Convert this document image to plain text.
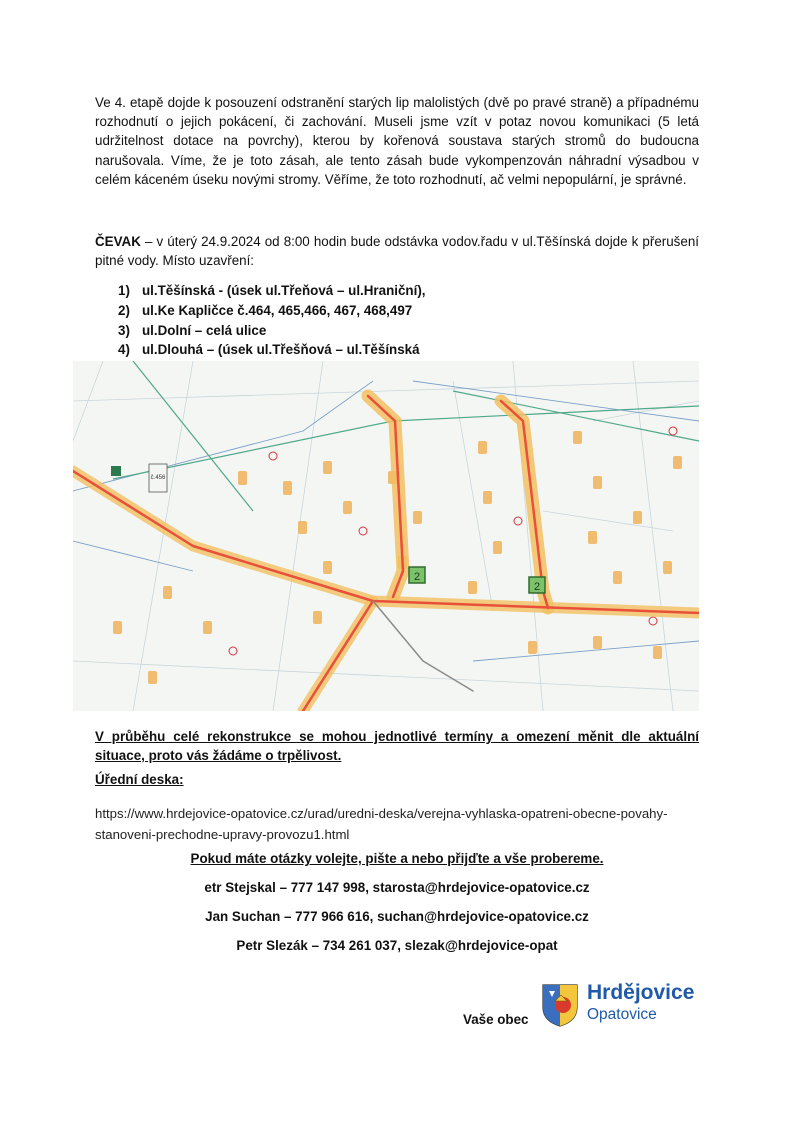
Ve 4. etapě dojde k posouzení odstranění starých lip malolistých (dvě po pravé straně) a případnému rozhodnutí o jejich pokácení, či zachování. Museli jsme vzít v potaz novou komunikaci (5 letá udržitelnost dotace na povrchy), kterou by kořenová soustava starých stromů do budoucna narušovala. Víme, že je toto zásah, ale tento zásah bude vykompenzován náhradní výsadbou v celém káceném úseku novými stromy. Věříme, že toto rozhodnutí, ač velmi nepopulární, je správné.

ČEVAK – v úterý 24.9.2024 od 8:00 hodin bude odstávka vodov.řadu v ul.Těšínská dojde k přerušení pitné vody. Místo uzavření:

1) ul.Těšínská - (úsek ul.Třeňová – ul.Hraniční),
2) ul.Ke Kapličce č.464, 465,466, 467, 468,497
3) ul.Dolní – celá ulice
4) ul.Dlouhá – (úsek ul.Třešňová – ul.Těšínská
2
2
č.456

V průběhu celé rekonstrukce se mohou jednotlivé termíny a omezení měnit dle aktuální situace, proto vás žádáme o trpělivost.

Úřední deska:

https://www.hrdejovice-opatovice.cz/urad/uredni-deska/verejna-vyhlaska-opatreni-obecne-povahy-stanoveni-prechodne-upravy-provozu1.html

Pokud máte otázky volejte, pište a nebo přijďte a vše probereme.

etr Stejskal – 777 147 998, starosta@hrdejovice-opatovice.cz

Jan Suchan – 777 966 616, suchan@hrdejovice-opatovice.cz

Petr Slezák – 734 261 037, slezak@hrdejovice-opat

Vaše obec

Hrdějovice

Opatovice
